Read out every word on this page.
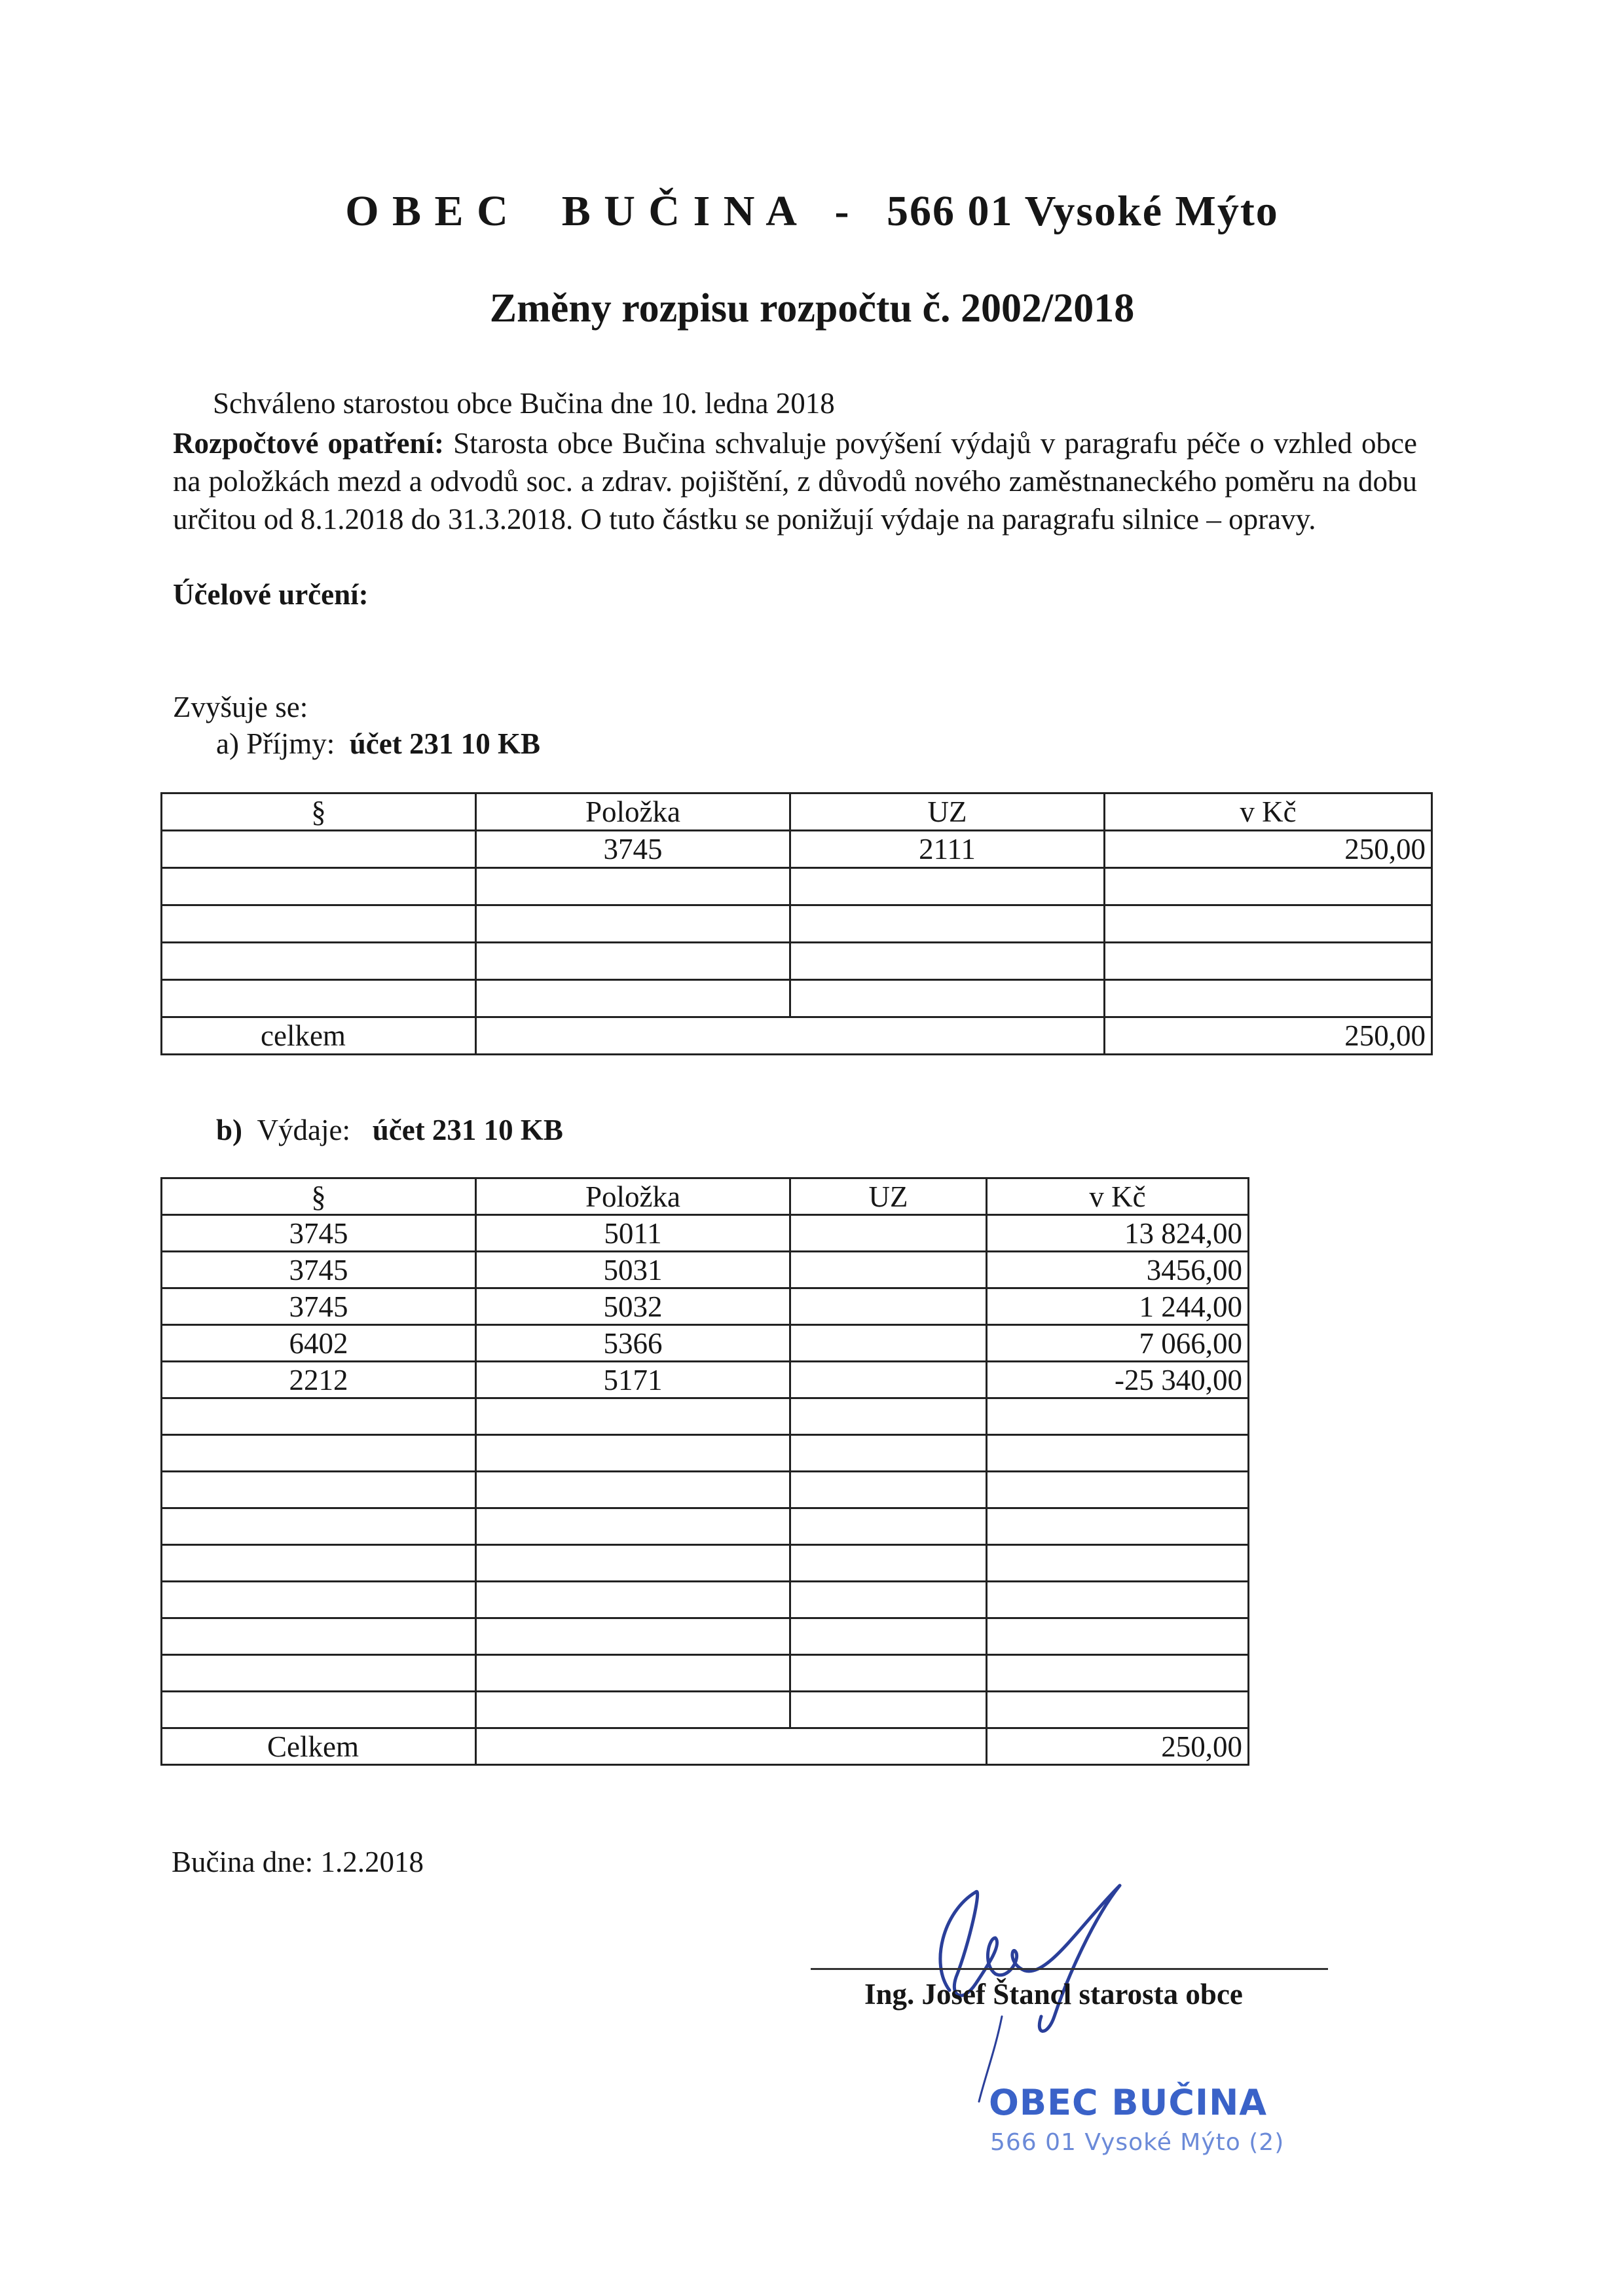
O B E C B U Č I N A - 566 01 Vysoké Mýto
Změny rozpisu rozpočtu č. 2002/2018
Schváleno starostou obce Bučina dne 10. ledna 2018
Rozpočtové opatření: Starosta obce Bučina schvaluje povýšení výdajů v paragrafu péče o vzhled obce na položkách mezd a odvodů soc. a zdrav. pojištění, z důvodů nového zaměstnaneckého poměru na dobu určitou od 8.1.2018 do 31.3.2018. O tuto částku se ponižují výdaje na paragrafu silnice – opravy.
Účelové určení:
Zvyšuje se:
a) Příjmy: účet 231 10 KB
§	Položka	UZ	v Kč
	3745	2111	250,00

celkem			250,00
b) Výdaje: účet 231 10 KB
§	Položka	UZ	v Kč
3745	5011		13 824,00
3745	5031		3456,00
3745	5032		1 244,00
6402	5366		7 066,00
2212	5171		-25 340,00

Celkem			250,00
Bučina dne: 1.2.2018
Ing. Josef Štancl starosta obce
OBEC BUČINA
566 01 Vysoké Mýto (2)
